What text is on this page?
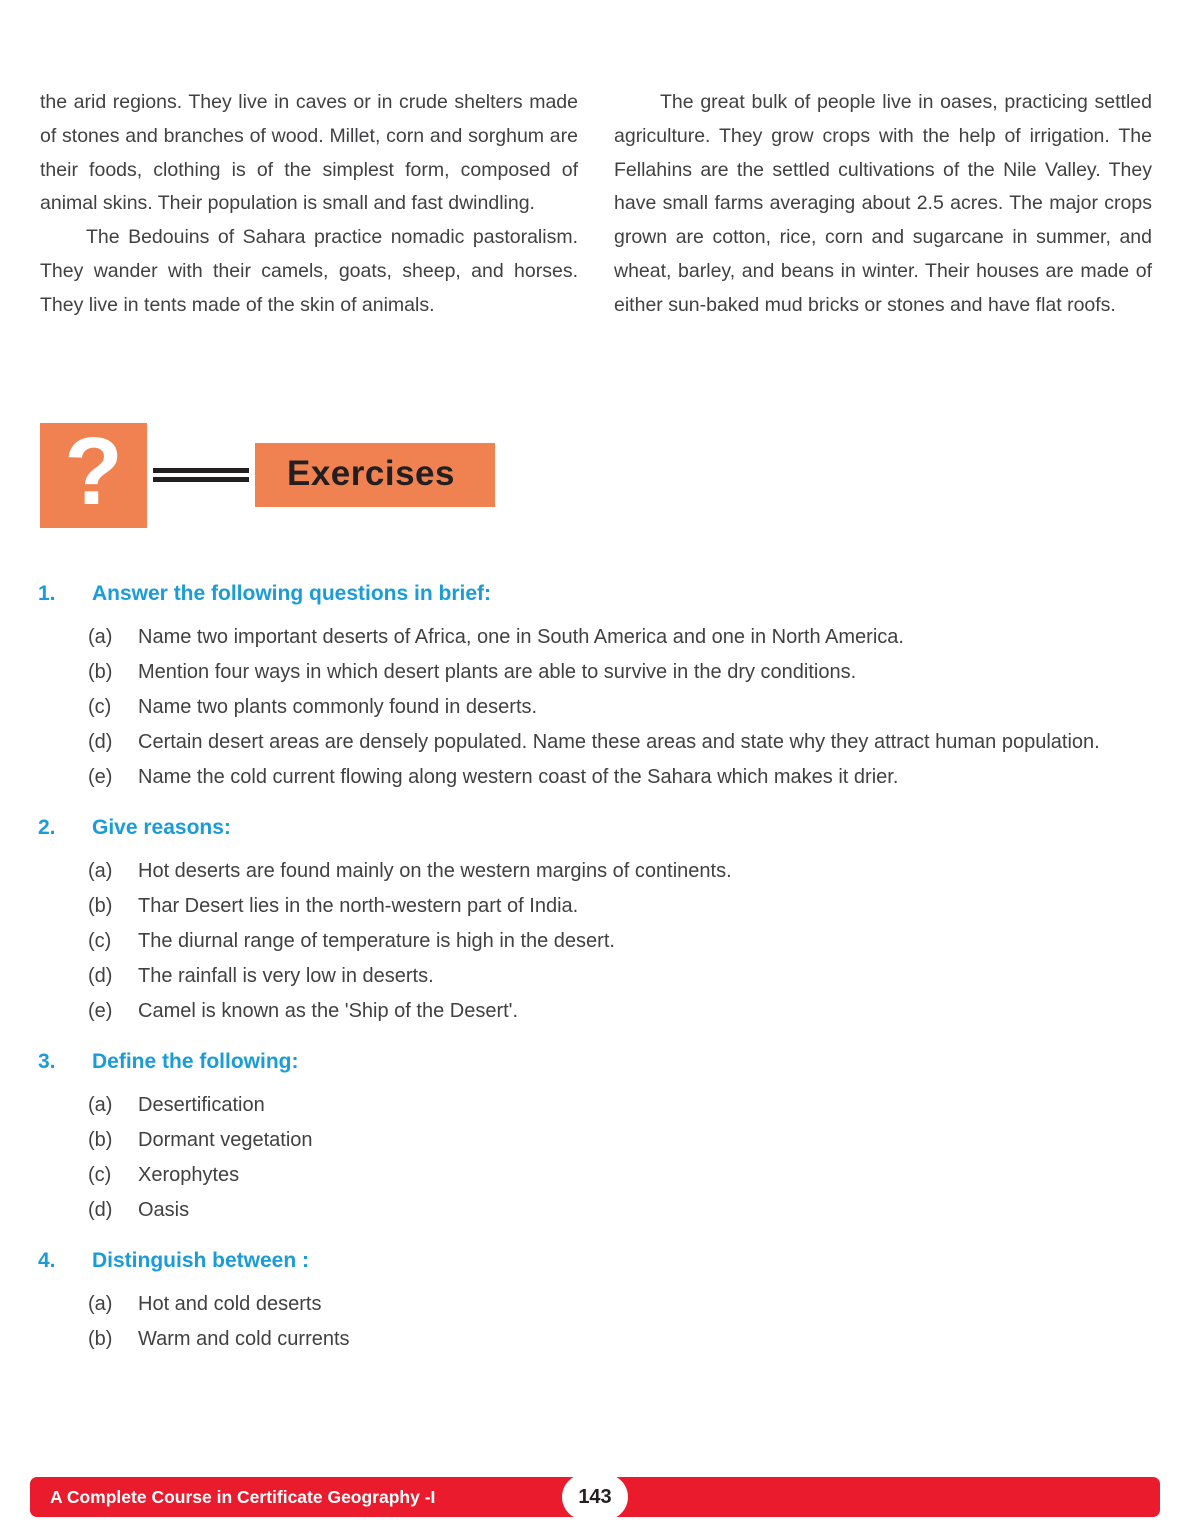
the arid regions. They live in caves or in crude shelters made of stones and branches of wood. Millet, corn and sorghum are their foods, clothing is of the simplest form, composed of animal skins. Their population is small and fast dwindling.

The Bedouins of Sahara practice nomadic pastoralism. They wander with their camels, goats, sheep, and horses. They live in tents made of the skin of animals.

The great bulk of people live in oases, practicing settled agriculture. They grow crops with the help of irrigation. The Fellahins are the settled cultivations of the Nile Valley. They have small farms averaging about 2.5 acres. The major crops grown are cotton, rice, corn and sugarcane in summer, and wheat, barley, and beans in winter. Their houses are made of either sun-baked mud bricks or stones and have flat roofs.

?	Exercises
1.	Answer the following questions in brief:
(a)	Name two important deserts of Africa, one in South America and one in North America.
(b)	Mention four ways in which desert plants are able to survive in the dry conditions.
(c)	Name two plants commonly found in deserts.
(d)	Certain desert areas are densely populated. Name these areas and state why they attract human population.
(e)	Name the cold current flowing along western coast of the Sahara which makes it drier.
2.	Give reasons:
(a)	Hot deserts are found mainly on the western margins of continents.
(b)	Thar Desert lies in the north-western part of India.
(c)	The diurnal range of temperature is high in the desert.
(d)	The rainfall is very low in deserts.
(e)	Camel is known as the 'Ship of the Desert'.
3.	Define the following:
(a)	Desertification
(b)	Dormant vegetation
(c)	Xerophytes
(d)	Oasis
4.	Distinguish between :
(a)	Hot and cold deserts
(b)	Warm and cold currents
A Complete Course in Certificate Geography -I	143
